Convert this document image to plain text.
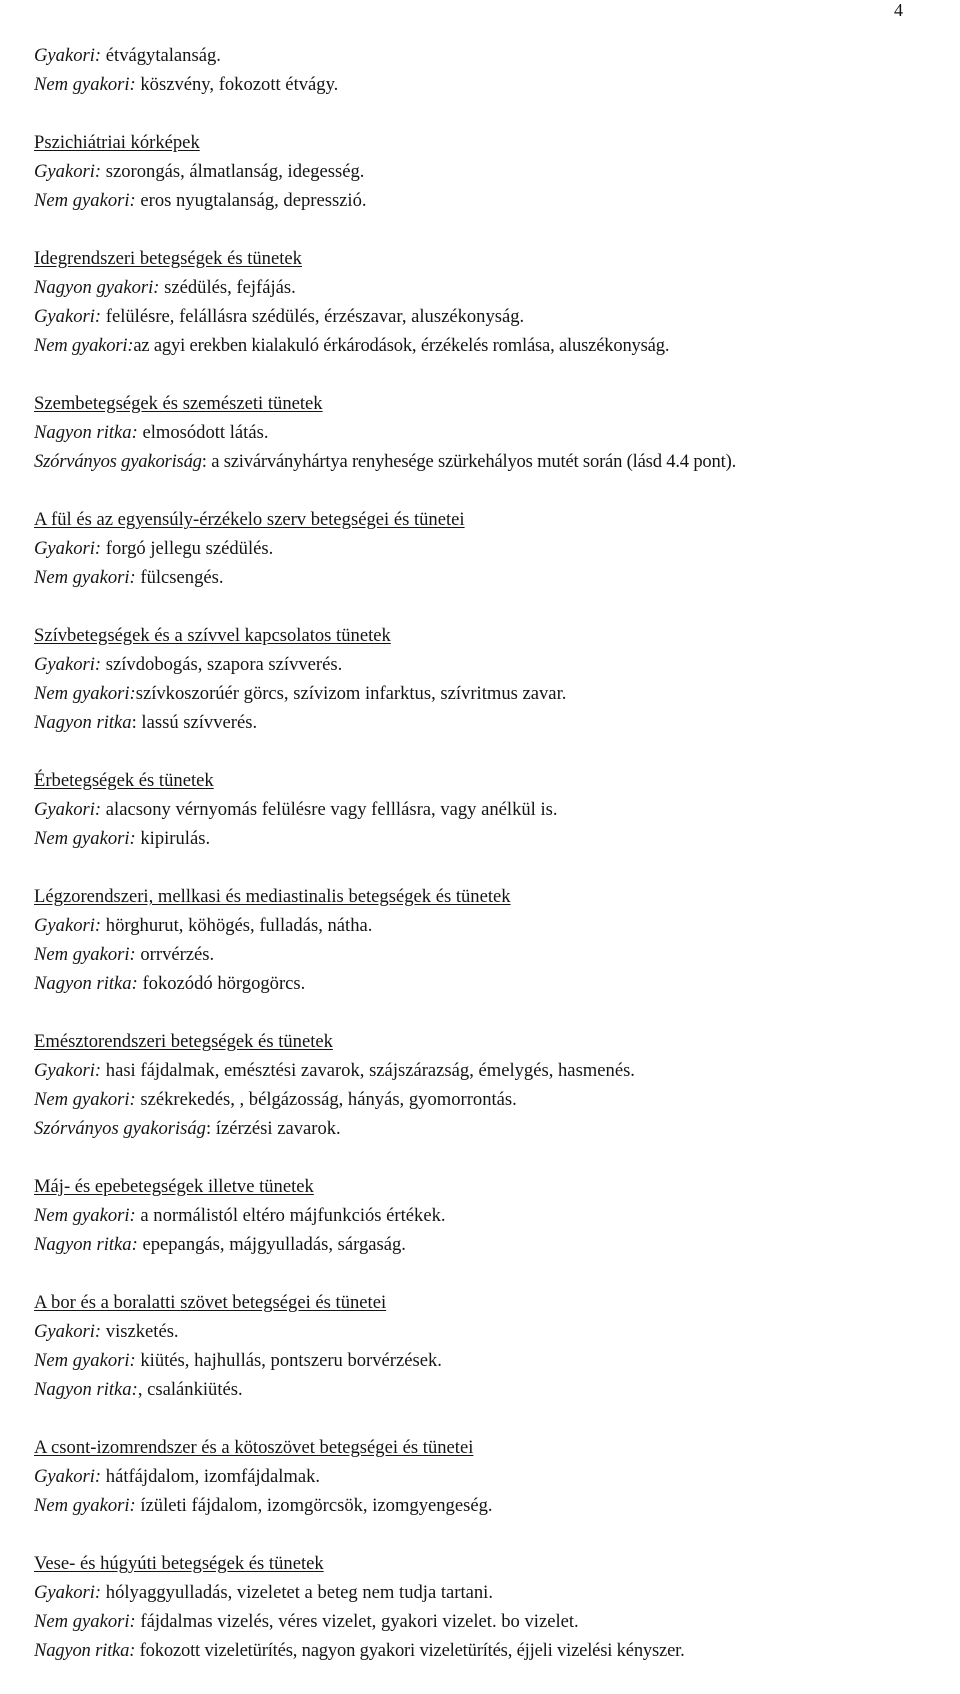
4
Gyakori: étvágytalanság.
Nem gyakori: köszvény, fokozott étvágy.
Pszichiátriai kórképek
Gyakori: szorongás, álmatlanság, idegesség.
Nem gyakori: eros nyugtalanság, depresszió.
Idegrendszeri betegségek és tünetek
Nagyon gyakori: szédülés, fejfájás.
Gyakori: felülésre, felállásra szédülés, érzészavar, aluszékonyság.
Nem gyakori:az agyi erekben kialakuló érkárodások, érzékelés romlása, aluszékonyság.
Szembetegségek és szemészeti tünetek
Nagyon ritka: elmosódott látás.
Szórványos gyakoriság: a szivárványhártya renyhesége szürkehályos mutét során (lásd 4.4 pont).
A fül és az egyensúly-érzékelo szerv betegségei és tünetei
Gyakori: forgó jellegu szédülés.
Nem gyakori: fülcsengés.
Szívbetegségek és a szívvel kapcsolatos tünetek
Gyakori: szívdobogás, szapora szívverés.
Nem gyakori:szívkoszorúér görcs, szívizom infarktus, szívritmus zavar.
Nagyon ritka: lassú szívverés.
Érbetegségek és tünetek
Gyakori: alacsony vérnyomás felülésre vagy felllásra, vagy anélkül is.
Nem gyakori: kipirulás.
Légzorendszeri, mellkasi és mediastinalis betegségek és tünetek
Gyakori: hörghurut, köhögés, fulladás, nátha.
Nem gyakori: orrvérzés.
Nagyon ritka: fokozódó hörgogörcs.
Emésztorendszeri betegségek és tünetek
Gyakori: hasi fájdalmak, emésztési zavarok, szájszárazság, émelygés, hasmenés.
Nem gyakori: székrekedés, , bélgázosság, hányás, gyomorrontás.
Szórványos gyakoriság: ízérzési zavarok.
Máj- és epebetegségek illetve tünetek
Nem gyakori: a normálistól eltéro májfunkciós értékek.
Nagyon ritka: epepangás, májgyulladás, sárgaság.
A bor és a boralatti szövet betegségei és tünetei
Gyakori: viszketés.
Nem gyakori: kiütés, hajhullás, pontszeru borvérzések.
Nagyon ritka:, csalánkiütés.
A csont-izomrendszer és a kötoszövet betegségei és tünetei
Gyakori: hátfájdalom, izomfájdalmak.
Nem gyakori: ízületi fájdalom, izomgörcsök, izomgyengeség.
Vese- és húgyúti betegségek és tünetek
Gyakori: hólyaggyulladás, vizeletet a beteg nem tudja tartani.
Nem gyakori: fájdalmas vizelés, véres vizelet, gyakori vizelet. bo vizelet.
Nagyon ritka: fokozott vizeletürítés, nagyon gyakori vizeletürítés, éjjeli vizelési kényszer.
